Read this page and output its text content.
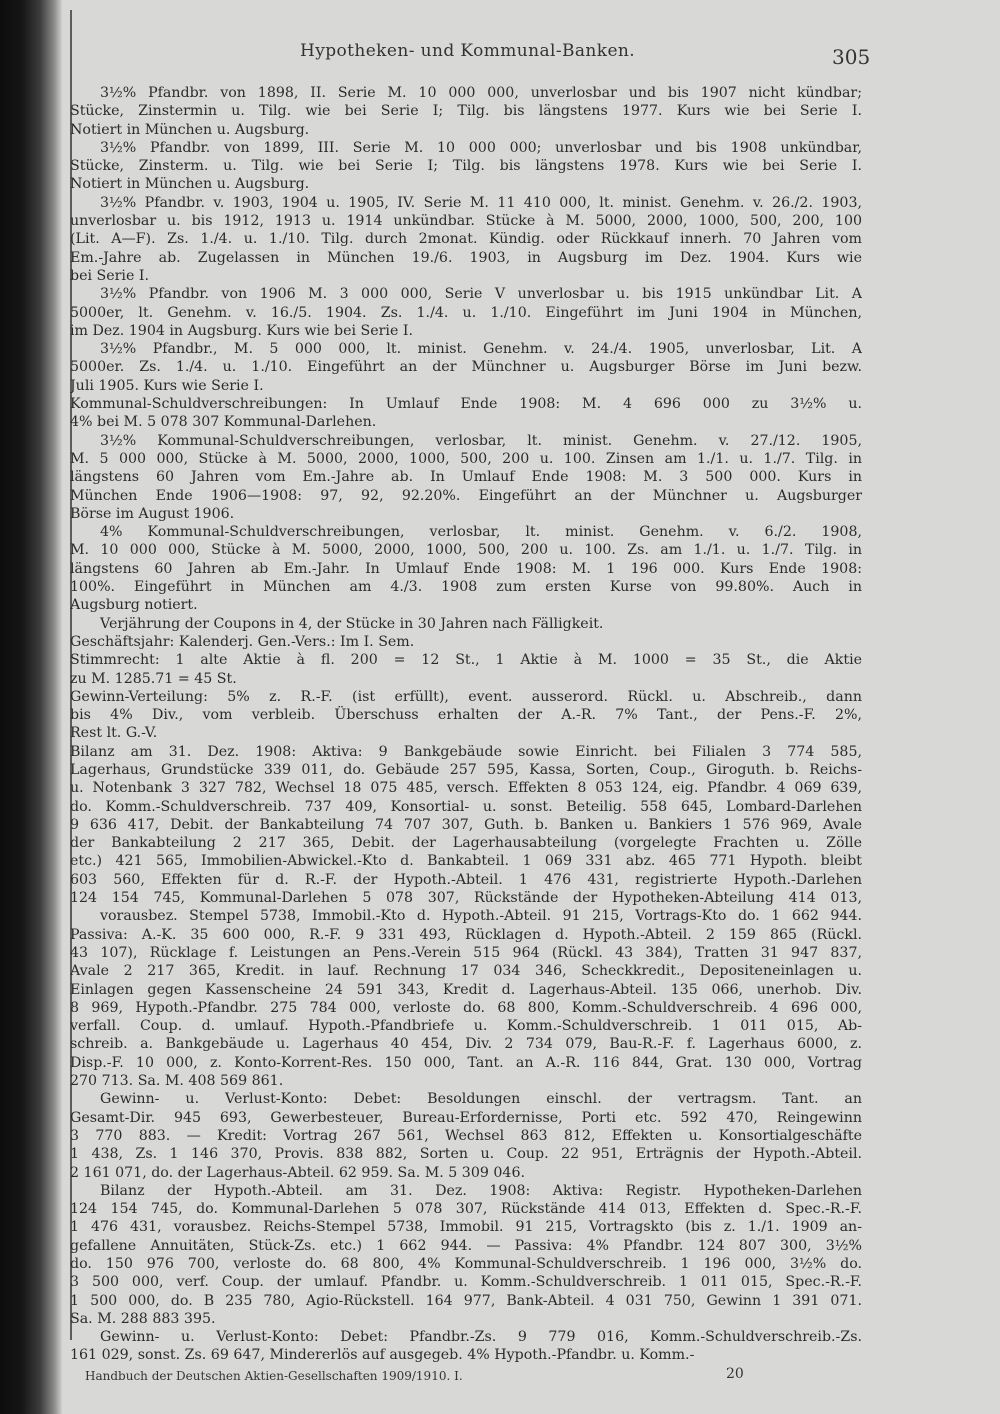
Hypotheken- und Kommunal-Banken.	305
3½% Pfandbr. von 1898, II. Serie M. 10 000 000, unverlosbar und bis 1907 nicht kündbar;
Stücke, Zinstermin u. Tilg. wie bei Serie I; Tilg. bis längstens 1977. Kurs wie bei Serie I.
Notiert in München u. Augsburg.
3½% Pfandbr. von 1899, III. Serie M. 10 000 000; unverlosbar und bis 1908 unkündbar,
Stücke, Zinsterm. u. Tilg. wie bei Serie I; Tilg. bis längstens 1978. Kurs wie bei Serie I.
Notiert in München u. Augsburg.
3½% Pfandbr. v. 1903, 1904 u. 1905, IV. Serie M. 11 410 000, lt. minist. Genehm. v. 26./2. 1903,
unverlosbar u. bis 1912, 1913 u. 1914 unkündbar. Stücke à M. 5000, 2000, 1000, 500, 200, 100
(Lit. A—F). Zs. 1./4. u. 1./10. Tilg. durch 2monat. Kündig. oder Rückkauf innerh. 70 Jahren vom
Em.-Jahre ab. Zugelassen in München 19./6. 1903, in Augsburg im Dez. 1904. Kurs wie
bei Serie I.
3½% Pfandbr. von 1906 M. 3 000 000, Serie V unverlosbar u. bis 1915 unkündbar Lit. A
5000er, lt. Genehm. v. 16./5. 1904. Zs. 1./4. u. 1./10. Eingeführt im Juni 1904 in München,
im Dez. 1904 in Augsburg. Kurs wie bei Serie I.
3½% Pfandbr., M. 5 000 000, lt. minist. Genehm. v. 24./4. 1905, unverlosbar, Lit. A
5000er. Zs. 1./4. u. 1./10. Eingeführt an der Münchner u. Augsburger Börse im Juni bezw.
Juli 1905. Kurs wie Serie I.
Kommunal-Schuldverschreibungen: In Umlauf Ende 1908: M. 4 696 000 zu 3½% u.
4% bei M. 5 078 307 Kommunal-Darlehen.
3½% Kommunal-Schuldverschreibungen, verlosbar, lt. minist. Genehm. v. 27./12. 1905,
M. 5 000 000, Stücke à M. 5000, 2000, 1000, 500, 200 u. 100. Zinsen am 1./1. u. 1./7. Tilg. in
längstens 60 Jahren vom Em.-Jahre ab. In Umlauf Ende 1908: M. 3 500 000. Kurs in
München Ende 1906—1908: 97, 92, 92.20%. Eingeführt an der Münchner u. Augsburger
Börse im August 1906.
4% Kommunal-Schuldverschreibungen, verlosbar, lt. minist. Genehm. v. 6./2. 1908,
M. 10 000 000, Stücke à M. 5000, 2000, 1000, 500, 200 u. 100. Zs. am 1./1. u. 1./7. Tilg. in
längstens 60 Jahren ab Em.-Jahr. In Umlauf Ende 1908: M. 1 196 000. Kurs Ende 1908:
100%. Eingeführt in München am 4./3. 1908 zum ersten Kurse von 99.80%. Auch in
Augsburg notiert.
Verjährung der Coupons in 4, der Stücke in 30 Jahren nach Fälligkeit.
Geschäftsjahr: Kalenderj. Gen.-Vers.: Im I. Sem.
Stimmrecht: 1 alte Aktie à fl. 200 = 12 St., 1 Aktie à M. 1000 = 35 St., die Aktie
zu M. 1285.71 = 45 St.
Gewinn-Verteilung: 5% z. R.-F. (ist erfüllt), event. ausserord. Rückl. u. Abschreib., dann
bis 4% Div., vom verbleib. Überschuss erhalten der A.-R. 7% Tant., der Pens.-F. 2%,
Rest lt. G.-V.
Bilanz am 31. Dez. 1908: Aktiva: 9 Bankgebäude sowie Einricht. bei Filialen 3 774 585,
Lagerhaus, Grundstücke 339 011, do. Gebäude 257 595, Kassa, Sorten, Coup., Giroguth. b. Reichs-
u. Notenbank 3 327 782, Wechsel 18 075 485, versch. Effekten 8 053 124, eig. Pfandbr. 4 069 639,
do. Komm.-Schuldverschreib. 737 409, Konsortial- u. sonst. Beteilig. 558 645, Lombard-Darlehen
9 636 417, Debit. der Bankabteilung 74 707 307, Guth. b. Banken u. Bankiers 1 576 969, Avale
der Bankabteilung 2 217 365, Debit. der Lagerhausabteilung (vorgelegte Frachten u. Zölle
etc.) 421 565, Immobilien-Abwickel.-Kto d. Bankabteil. 1 069 331 abz. 465 771 Hypoth. bleibt
603 560, Effekten für d. R.-F. der Hypoth.-Abteil. 1 476 431, registrierte Hypoth.-Darlehen
124 154 745, Kommunal-Darlehen 5 078 307, Rückstände der Hypotheken-Abteilung 414 013,
vorausbez. Stempel 5738, Immobil.-Kto d. Hypoth.-Abteil. 91 215, Vortrags-Kto do. 1 662 944.
Passiva: A.-K. 35 600 000, R.-F. 9 331 493, Rücklagen d. Hypoth.-Abteil. 2 159 865 (Rückl.
43 107), Rücklage f. Leistungen an Pens.-Verein 515 964 (Rückl. 43 384), Tratten 31 947 837,
Avale 2 217 365, Kredit. in lauf. Rechnung 17 034 346, Scheckkredit., Depositeneinlagen u.
Einlagen gegen Kassenscheine 24 591 343, Kredit d. Lagerhaus-Abteil. 135 066, unerhob. Div.
8 969, Hypoth.-Pfandbr. 275 784 000, verloste do. 68 800, Komm.-Schuldverschreib. 4 696 000,
verfall. Coup. d. umlauf. Hypoth.-Pfandbriefe u. Komm.-Schuldverschreib. 1 011 015, Ab-
schreib. a. Bankgebäude u. Lagerhaus 40 454, Div. 2 734 079, Bau-R.-F. f. Lagerhaus 6000, z.
Disp.-F. 10 000, z. Konto-Korrent-Res. 150 000, Tant. an A.-R. 116 844, Grat. 130 000, Vortrag
270 713. Sa. M. 408 569 861.
Gewinn- u. Verlust-Konto: Debet: Besoldungen einschl. der vertragsm. Tant. an
Gesamt-Dir. 945 693, Gewerbesteuer, Bureau-Erfordernisse, Porti etc. 592 470, Reingewinn
3 770 883. — Kredit: Vortrag 267 561, Wechsel 863 812, Effekten u. Konsortialgeschäfte
1 438, Zs. 1 146 370, Provis. 838 882, Sorten u. Coup. 22 951, Erträgnis der Hypoth.-Abteil.
2 161 071, do. der Lagerhaus-Abteil. 62 959. Sa. M. 5 309 046.
Bilanz der Hypoth.-Abteil. am 31. Dez. 1908: Aktiva: Registr. Hypotheken-Darlehen
124 154 745, do. Kommunal-Darlehen 5 078 307, Rückstände 414 013, Effekten d. Spec.-R.-F.
1 476 431, vorausbez. Reichs-Stempel 5738, Immobil. 91 215, Vortragskto (bis z. 1./1. 1909 an-
gefallene Annuitäten, Stück-Zs. etc.) 1 662 944. — Passiva: 4% Pfandbr. 124 807 300, 3½%
do. 150 976 700, verloste do. 68 800, 4% Kommunal-Schuldverschreib. 1 196 000, 3½% do.
3 500 000, verf. Coup. der umlauf. Pfandbr. u. Komm.-Schuldverschreib. 1 011 015, Spec.-R.-F.
1 500 000, do. B 235 780, Agio-Rückstell. 164 977, Bank-Abteil. 4 031 750, Gewinn 1 391 071.
Sa. M. 288 883 395.
Gewinn- u. Verlust-Konto: Debet: Pfandbr.-Zs. 9 779 016, Komm.-Schuldverschreib.-Zs.
161 029, sonst. Zs. 69 647, Mindererlös auf ausgegeb. 4% Hypoth.-Pfandbr. u. Komm.-
Handbuch der Deutschen Aktien-Gesellschaften 1909/1910. I.	20
